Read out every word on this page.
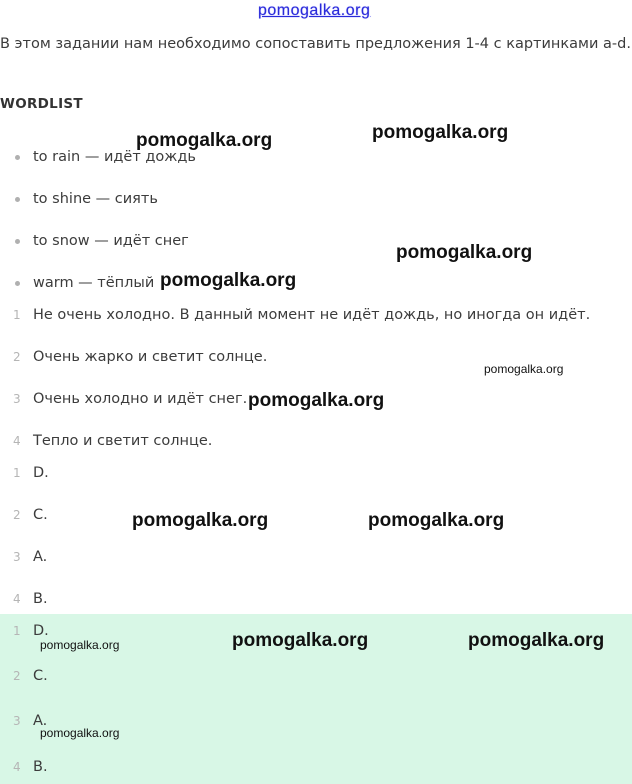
pomogalka.org
В этом задании нам необходимо сопоставить предложения 1-4 с картинками a-d.
WORDLIST
to rain — идёт дождь
to shine — сиять
to snow — идёт снег
warm — тёплый
1 Не очень холодно. В данный момент не идёт дождь, но иногда он идёт.
2 Очень жарко и светит солнце.
3 Очень холодно и идёт снег.
4 Тепло и светит солнце.
1 D.
2 C.
3 A.
4 B.
1 D.
2 C.
3 A.
4 B.
pomogalka.org	pomogalka.org
pomogalka.org
pomogalka.org
pomogalka.org
pomogalka.org
pomogalka.org	pomogalka.org
pomogalka.org	pomogalka.org	pomogalka.org
pomogalka.org
